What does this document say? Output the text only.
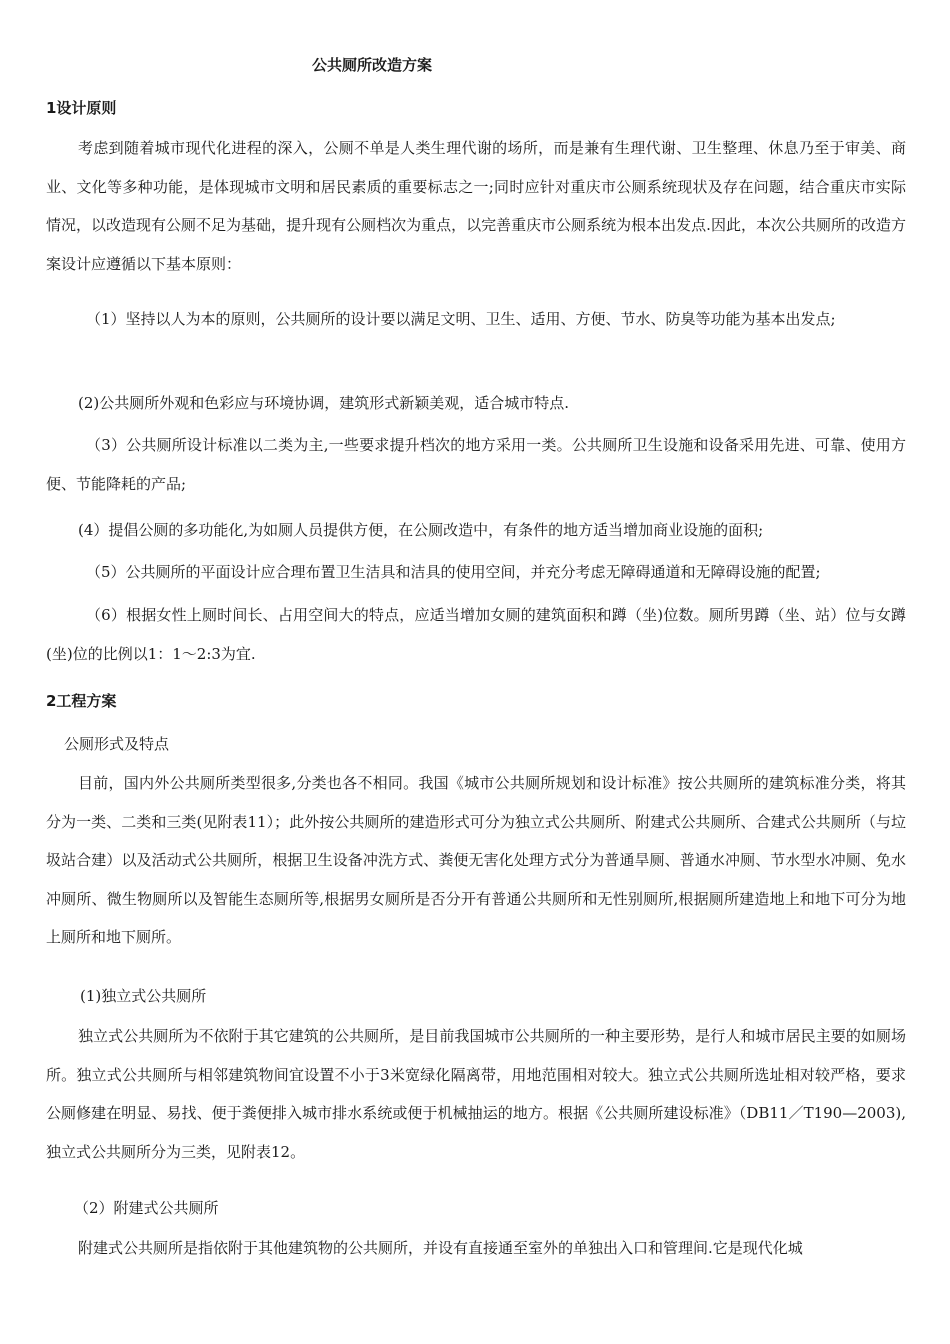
公共厕所改造方案
1设计原则

考虑到随着城市现代化进程的深入，公厕不单是人类生理代谢的场所，而是兼有生理代谢、卫生整理、休息乃至于审美、商业、文化等多种功能，是体现城市文明和居民素质的重要标志之一;同时应针对重庆市公厕系统现状及存在问题，结合重庆市实际情况，以改造现有公厕不足为基础，提升现有公厕档次为重点，以完善重庆市公厕系统为根本出发点.因此，本次公共厕所的改造方案设计应遵循以下基本原则：

（1）坚持以人为本的原则，公共厕所的设计要以满足文明、卫生、适用、方便、节水、防臭等功能为基本出发点;

(2)公共厕所外观和色彩应与环境协调，建筑形式新颖美观，适合城市特点.

（3）公共厕所设计标准以二类为主,一些要求提升档次的地方采用一类。公共厕所卫生设施和设备采用先进、可靠、使用方便、节能降耗的产品;

(4）提倡公厕的多功能化,为如厕人员提供方便，在公厕改造中，有条件的地方适当增加商业设施的面积;

（5）公共厕所的平面设计应合理布置卫生洁具和洁具的使用空间，并充分考虑无障碍通道和无障碍设施的配置;

（6）根据女性上厕时间长、占用空间大的特点，应适当增加女厕的建筑面积和蹲（坐)位数。厕所男蹲（坐、站）位与女蹲(坐)位的比例以1：1～2:3为宜.

2工程方案
公厕形式及特点

目前，国内外公共厕所类型很多,分类也各不相同。我国《城市公共厕所规划和设计标准》按公共厕所的建筑标准分类，将其分为一类、二类和三类(见附表11）；此外按公共厕所的建造形式可分为独立式公共厕所、附建式公共厕所、合建式公共厕所（与垃圾站合建）以及活动式公共厕所，根据卫生设备冲洗方式、粪便无害化处理方式分为普通旱厕、普通水冲厕、节水型水冲厕、免水冲厕所、微生物厕所以及智能生态厕所等,根据男女厕所是否分开有普通公共厕所和无性别厕所,根据厕所建造地上和地下可分为地上厕所和地下厕所。

(1)独立式公共厕所

独立式公共厕所为不依附于其它建筑的公共厕所，是目前我国城市公共厕所的一种主要形势，是行人和城市居民主要的如厕场所。独立式公共厕所与相邻建筑物间宜设置不小于3米宽绿化隔离带，用地范围相对较大。独立式公共厕所选址相对较严格，要求公厕修建在明显、易找、便于粪便排入城市排水系统或便于机械抽运的地方。根据《公共厕所建设标准》（DB11／T190—2003),独立式公共厕所分为三类，见附表12。

（2）附建式公共厕所

附建式公共厕所是指依附于其他建筑物的公共厕所，并设有直接通至室外的单独出入口和管理间.它是现代化城
